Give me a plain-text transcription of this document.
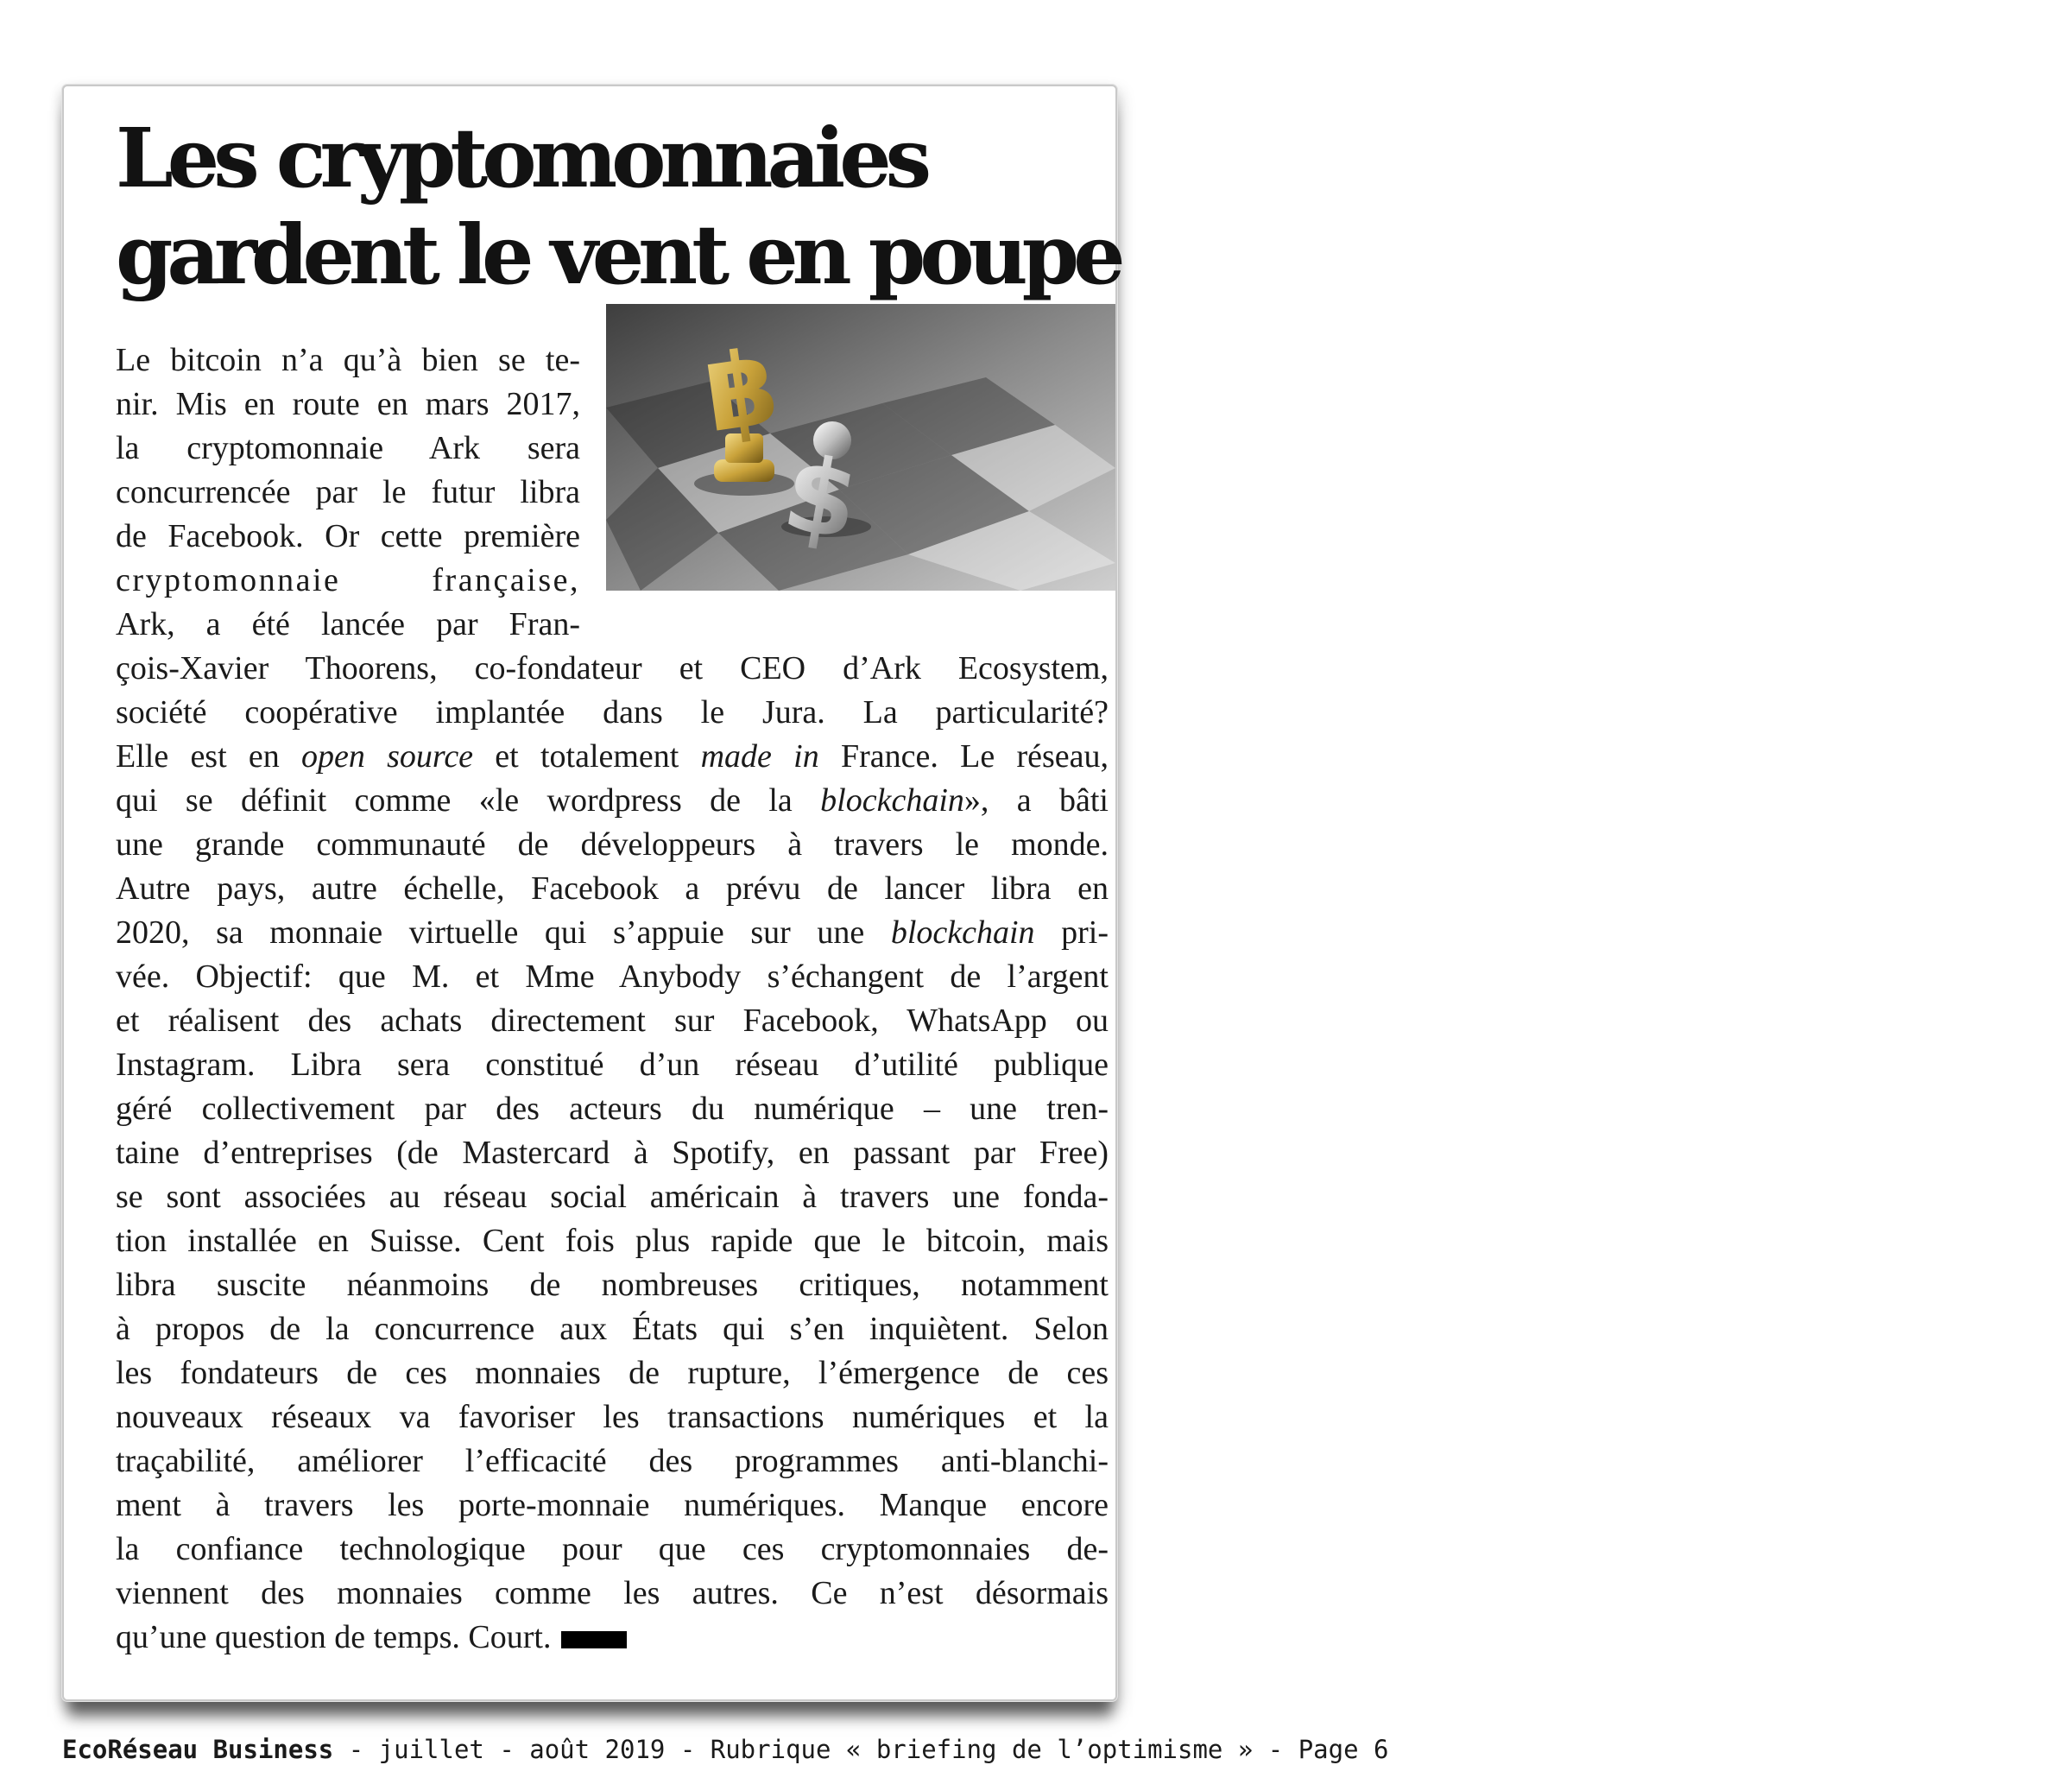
Les cryptomonnaies
gardent le vent en poupe
฿
$
Le bitcoin n’a qu’à bien se te-
nir. Mis en route en mars 2017,
la cryptomonnaie Ark sera
concurrencée par le futur libra
de Facebook. Or cette première
cryptomonnaie française,
Ark, a été lancée par Fran-
çois-Xavier Thoorens, co-fondateur et CEO d’Ark Ecosystem,
société coopérative implantée dans le Jura. La particularité?
Elle est en open source et totalement made in France. Le réseau,
qui se définit comme «le wordpress de la blockchain», a bâti
une grande communauté de développeurs à travers le monde.
Autre pays, autre échelle, Facebook a prévu de lancer libra en
2020, sa monnaie virtuelle qui s’appuie sur une blockchain pri-
vée. Objectif: que M. et Mme Anybody s’échangent de l’argent
et réalisent des achats directement sur Facebook, WhatsApp ou
Instagram. Libra sera constitué d’un réseau d’utilité publique
géré collectivement par des acteurs du numérique – une tren-
taine d’entreprises (de Mastercard à Spotify, en passant par Free)
se sont associées au réseau social américain à travers une fonda-
tion installée en Suisse. Cent fois plus rapide que le bitcoin, mais
libra suscite néanmoins de nombreuses critiques, notamment
à propos de la concurrence aux États qui s’en inquiètent. Selon
les fondateurs de ces monnaies de rupture, l’émergence de ces
nouveaux réseaux va favoriser les transactions numériques et la
traçabilité, améliorer l’efficacité des programmes anti-blanchi-
ment à travers les porte-monnaie numériques. Manque encore
la confiance technologique pour que ces cryptomonnaies de-
viennent des monnaies comme les autres. Ce n’est désormais
qu’une question de temps. Court.
EcoRéseau Business - juillet - août 2019 - Rubrique « briefing de l’optimisme » - Page 6
